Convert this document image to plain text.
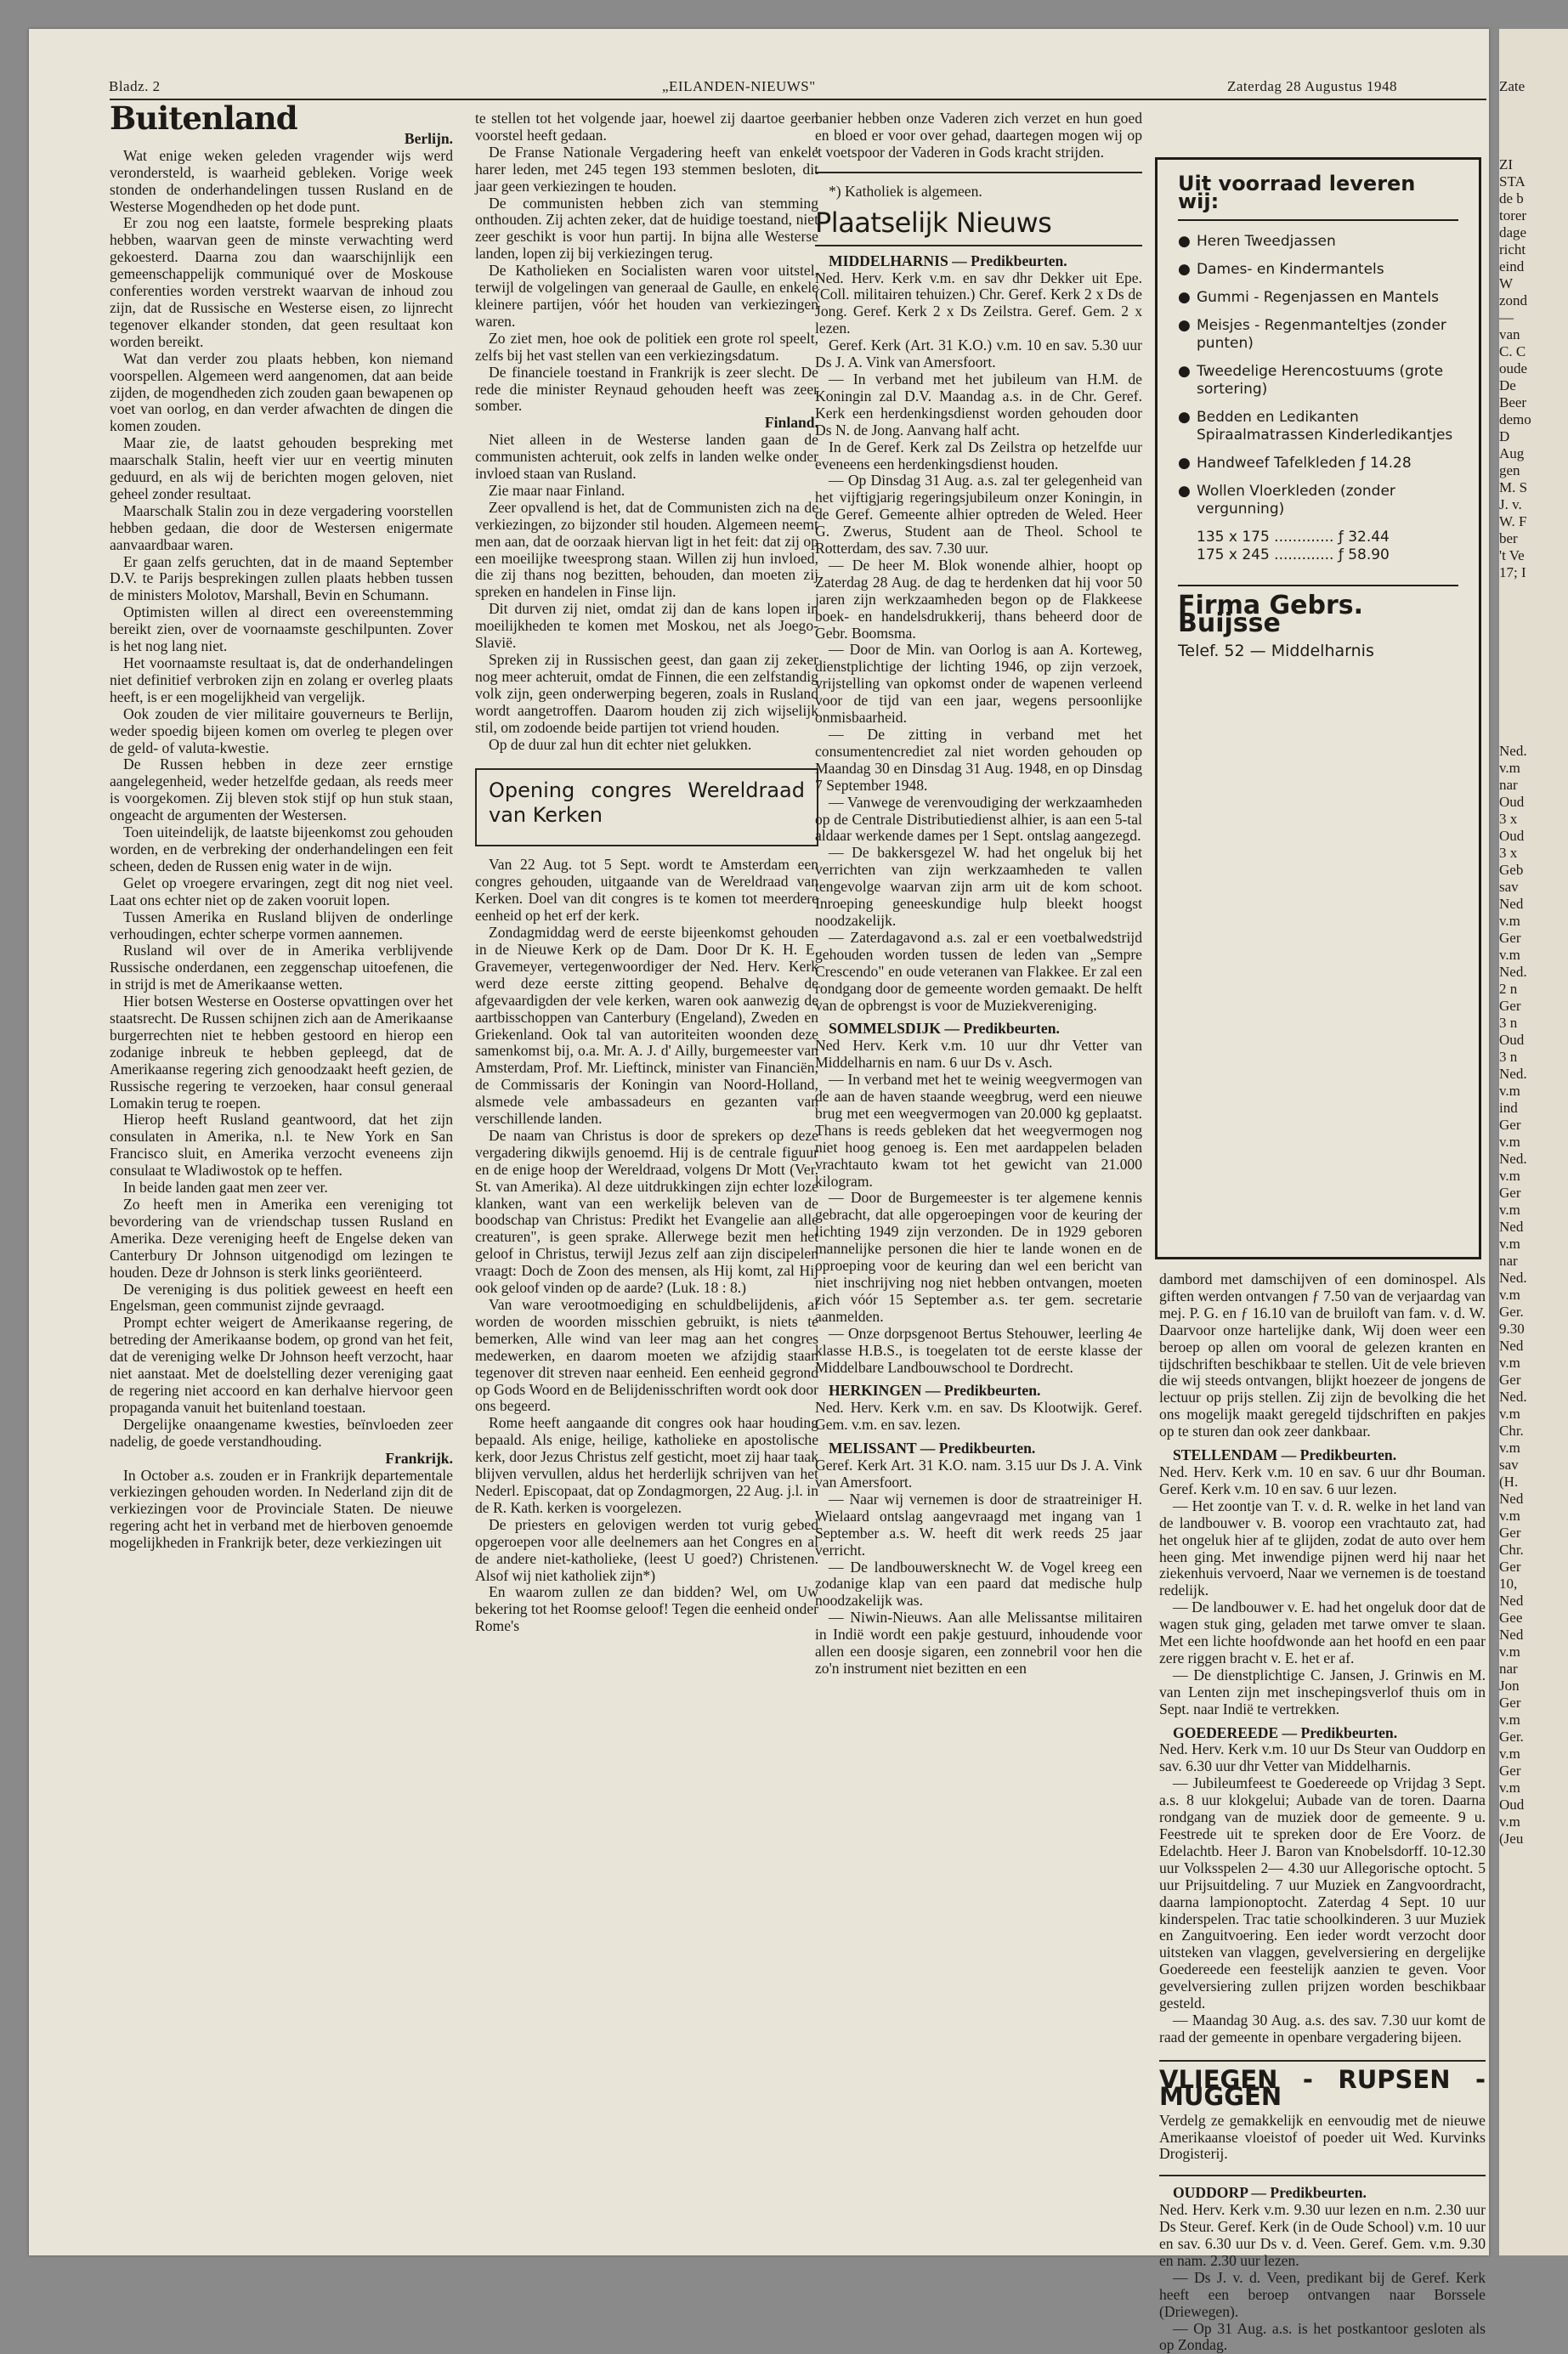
Bladz. 2	„EILANDEN-NIEUWS"	Zaterdag 28 Augustus 1948
Buitenland

Berlijn.

Wat enige weken geleden vragender wijs werd verondersteld, is waarheid gebleken. Vorige week stonden de onderhandelingen tussen Rusland en de Westerse Mogendheden op het dode punt.

Er zou nog een laatste, formele bespreking plaats hebben, waarvan geen de minste verwachting werd gekoesterd. Daarna zou dan waarschijnlijk een gemeenschappelijk communiqué over de Moskouse conferenties worden verstrekt waarvan de inhoud zou zijn, dat de Russische en Westerse eisen, zo lijnrecht tegenover elkander stonden, dat geen resultaat kon worden bereikt.

Wat dan verder zou plaats hebben, kon niemand voorspellen. Algemeen werd aangenomen, dat aan beide zijden, de mogendheden zich zouden gaan bewapenen op voet van oorlog, en dan verder afwachten de dingen die komen zouden.

Maar zie, de laatst gehouden bespreking met maarschalk Stalin, heeft vier uur en veertig minuten geduurd, en als wij de berichten mogen geloven, niet geheel zonder resultaat.

Maarschalk Stalin zou in deze vergadering voorstellen hebben gedaan, die door de Westersen enigermate aanvaardbaar waren.

Er gaan zelfs geruchten, dat in de maand September D.V. te Parijs besprekingen zullen plaats hebben tussen de ministers Molotov, Marshall, Bevin en Schumann.

Optimisten willen al direct een overeenstemming bereikt zien, over de voornaamste geschilpunten. Zover is het nog lang niet.

Het voornaamste resultaat is, dat de onderhandelingen niet definitief verbroken zijn en zolang er overleg plaats heeft, is er een mogelijkheid van vergelijk.

Ook zouden de vier militaire gouverneurs te Berlijn, weder spoedig bijeen komen om overleg te plegen over de geld- of valuta-kwestie.

De Russen hebben in deze zeer ernstige aangelegenheid, weder hetzelfde gedaan, als reeds meer is voorgekomen. Zij bleven stok stijf op hun stuk staan, ongeacht de argumenten der Westersen.

Toen uiteindelijk, de laatste bijeenkomst zou gehouden worden, en de verbreking der onderhandelingen een feit scheen, deden de Russen enig water in de wijn.

Gelet op vroegere ervaringen, zegt dit nog niet veel. Laat ons echter niet op de zaken vooruit lopen.

Tussen Amerika en Rusland blijven de onderlinge verhoudingen, echter scherpe vormen aannemen.

Rusland wil over de in Amerika verblijvende Russische onderdanen, een zeggenschap uitoefenen, die in strijd is met de Amerikaanse wetten.

Hier botsen Westerse en Oosterse opvattingen over het staatsrecht. De Russen schijnen zich aan de Amerikaanse burgerrechten niet te hebben gestoord en hierop een zodanige inbreuk te hebben gepleegd, dat de Amerikaanse regering zich genoodzaakt heeft gezien, de Russische regering te verzoeken, haar consul generaal Lomakin terug te roepen.

Hierop heeft Rusland geantwoord, dat het zijn consulaten in Amerika, n.l. te New York en San Francisco sluit, en Amerika verzocht eveneens zijn consulaat te Wladiwostok op te heffen.

In beide landen gaat men zeer ver.

Zo heeft men in Amerika een vereniging tot bevordering van de vriendschap tussen Rusland en Amerika. Deze vereniging heeft de Engelse deken van Canterbury Dr Johnson uitgenodigd om lezingen te houden. Deze dr Johnson is sterk links georiënteerd.

De vereniging is dus politiek geweest en heeft een Engelsman, geen communist zijnde gevraagd.

Prompt echter weigert de Amerikaanse regering, de betreding der Amerikaanse bodem, op grond van het feit, dat de vereniging welke Dr Johnson heeft verzocht, haar niet aanstaat. Met de doelstelling dezer vereniging gaat de regering niet accoord en kan derhalve hiervoor geen propaganda vanuit het buitenland toestaan.

Dergelijke onaangename kwesties, beïnvloeden zeer nadelig, de goede verstandhouding.

Frankrijk.

In October a.s. zouden er in Frankrijk departementale verkiezingen gehouden worden. In Nederland zijn dit de verkiezingen voor de Provinciale Staten. De nieuwe regering acht het in verband met de hierboven genoemde mogelijkheden in Frankrijk beter, deze verkiezingen uit

te stellen tot het volgende jaar, hoewel zij daartoe geen voorstel heeft gedaan.

De Franse Nationale Vergadering heeft van enkele harer leden, met 245 tegen 193 stemmen besloten, dit jaar geen verkiezingen te houden.

De communisten hebben zich van stemming onthouden. Zij achten zeker, dat de huidige toestand, niet zeer geschikt is voor hun partij. In bijna alle Westerse landen, lopen zij bij verkiezingen terug.

De Katholieken en Socialisten waren voor uitstel, terwijl de volgelingen van generaal de Gaulle, en enkele kleinere partijen, vóór het houden van verkiezingen waren.

Zo ziet men, hoe ook de politiek een grote rol speelt, zelfs bij het vast stellen van een verkiezingsdatum.

De financiele toestand in Frankrijk is zeer slecht. De rede die minister Reynaud gehouden heeft was zeer somber.

Finland.

Niet alleen in de Westerse landen gaan de communisten achteruit, ook zelfs in landen welke onder invloed staan van Rusland.

Zie maar naar Finland.

Zeer opvallend is het, dat de Communisten zich na de verkiezingen, zo bijzonder stil houden. Algemeen neemt men aan, dat de oorzaak hiervan ligt in het feit: dat zij op een moeilijke tweesprong staan. Willen zij hun invloed, die zij thans nog bezitten, behouden, dan moeten zij spreken en handelen in Finse lijn.

Dit durven zij niet, omdat zij dan de kans lopen in moeilijkheden te komen met Moskou, net als Joego-Slavië.

Spreken zij in Russischen geest, dan gaan zij zeker nog meer achteruit, omdat de Finnen, die een zelfstandig volk zijn, geen onderwerping begeren, zoals in Rusland wordt aangetroffen. Daarom houden zij zich wijselijk stil, om zodoende beide partijen tot vriend houden.

Op de duur zal hun dit echter niet gelukken.

Opening congres Wereldraad van Kerken

Van 22 Aug. tot 5 Sept. wordt te Amsterdam een congres gehouden, uitgaande van de Wereldraad van Kerken. Doel van dit congres is te komen tot meerdere eenheid op het erf der kerk.

Zondagmiddag werd de eerste bijeenkomst gehouden in de Nieuwe Kerk op de Dam. Door Dr K. H. E. Gravemeyer, vertegenwoordiger der Ned. Herv. Kerk werd deze eerste zitting geopend. Behalve de afgevaardigden der vele kerken, waren ook aanwezig de aartbisschoppen van Canterbury (Engeland), Zweden en Griekenland. Ook tal van autoriteiten woonden deze samenkomst bij, o.a. Mr. A. J. d' Ailly, burgemeester van Amsterdam, Prof. Mr. Lieftinck, minister van Financiën, de Commissaris der Koningin van Noord-Holland, alsmede vele ambassadeurs en gezanten van verschillende landen.

De naam van Christus is door de sprekers op deze vergadering dikwijls genoemd. Hij is de centrale figuur en de enige hoop der Wereldraad, volgens Dr Mott (Ver. St. van Amerika). Al deze uitdrukkingen zijn echter loze klanken, want van een werkelijk beleven van de boodschap van Christus: Predikt het Evangelie aan alle creaturen", is geen sprake. Allerwege bezit men het geloof in Christus, terwijl Jezus zelf aan zijn discipelen vraagt: Doch de Zoon des mensen, als Hij komt, zal Hij ook geloof vinden op de aarde? (Luk. 18 : 8.)

Van ware verootmoediging en schuldbelijdenis, al worden de woorden misschien gebruikt, is niets te bemerken, Alle wind van leer mag aan het congres medewerken, en daarom moeten we afzijdig staan tegenover dit streven naar eenheid. Een eenheid gegrond op Gods Woord en de Belijdenisschriften wordt ook door ons begeerd.

Rome heeft aangaande dit congres ook haar houding bepaald. Als enige, heilige, katholieke en apostolische kerk, door Jezus Christus zelf gesticht, moet zij haar taak blijven vervullen, aldus het herderlijk schrijven van het Nederl. Episcopaat, dat op Zondagmorgen, 22 Aug. j.l. in de R. Kath. kerken is voorgelezen.

De priesters en gelovigen werden tot vurig gebed opgeroepen voor alle deelnemers aan het Congres en al de andere niet-katholieke, (leest U goed?) Christenen. Alsof wij niet katholiek zijn*)

En waarom zullen ze dan bidden? Wel, om Uw bekering tot het Roomse geloof! Tegen die eenheid onder Rome's

banier hebben onze Vaderen zich verzet en hun goed en bloed er voor over gehad, daartegen mogen wij op 't voetspoor der Vaderen in Gods kracht strijden.

*) Katholiek is algemeen.

Plaatselijk Nieuws

MIDDELHARNIS — Predikbeurten.

Ned. Herv. Kerk v.m. en sav dhr Dekker uit Epe. (Coll. militairen tehuizen.) Chr. Geref. Kerk 2 x Ds de Jong. Geref. Kerk 2 x Ds Zeilstra. Geref. Gem. 2 x lezen.

Geref. Kerk (Art. 31 K.O.) v.m. 10 en sav. 5.30 uur Ds J. A. Vink van Amersfoort.

— In verband met het jubileum van H.M. de Koningin zal D.V. Maandag a.s. in de Chr. Geref. Kerk een herdenkingsdienst worden gehouden door Ds N. de Jong. Aanvang half acht.

In de Geref. Kerk zal Ds Zeilstra op hetzelfde uur eveneens een herdenkingsdienst houden.

— Op Dinsdag 31 Aug. a.s. zal ter gelegenheid van het vijftigjarig regeringsjubileum onzer Koningin, in de Geref. Gemeente alhier optreden de Weled. Heer G. Zwerus, Student aan de Theol. School te Rotterdam, des sav. 7.30 uur.

— De heer M. Blok wonende alhier, hoopt op Zaterdag 28 Aug. de dag te herdenken dat hij voor 50 jaren zijn werkzaamheden begon op de Flakkeese boek- en handelsdrukkerij, thans beheerd door de Gebr. Boomsma.

— Door de Min. van Oorlog is aan A. Korteweg, dienstplichtige der lichting 1946, op zijn verzoek, vrijstelling van opkomst onder de wapenen verleend voor de tijd van een jaar, wegens persoonlijke onmisbaarheid.

— De zitting in verband met het consumentencrediet zal niet worden gehouden op Maandag 30 en Dinsdag 31 Aug. 1948, en op Dinsdag 7 September 1948.

— Vanwege de verenvoudiging der werkzaamheden op de Centrale Distributiedienst alhier, is aan een 5-tal aldaar werkende dames per 1 Sept. ontslag aangezegd.

— De bakkersgezel W. had het ongeluk bij het verrichten van zijn werkzaamheden te vallen tengevolge waarvan zijn arm uit de kom schoot. Inroeping geneeskundige hulp bleekt hoogst noodzakelijk.

— Zaterdagavond a.s. zal er een voetbalwedstrijd gehouden worden tussen de leden van „Sempre Crescendo" en oude veteranen van Flakkee. Er zal een rondgang door de gemeente worden gemaakt. De helft van de opbrengst is voor de Muziekvereniging.

SOMMELSDIJK — Predikbeurten.

Ned Herv. Kerk v.m. 10 uur dhr Vetter van Middelharnis en nam. 6 uur Ds v. Asch.

— In verband met het te weinig weegvermogen van de aan de haven staande weegbrug, werd een nieuwe brug met een weegvermogen van 20.000 kg geplaatst. Thans is reeds gebleken dat het weegvermogen nog niet hoog genoeg is. Een met aardappelen beladen vrachtauto kwam tot het gewicht van 21.000 kilogram.

— Door de Burgemeester is ter algemene kennis gebracht, dat alle opgeroepingen voor de keuring der lichting 1949 zijn verzonden. De in 1929 geboren mannelijke personen die hier te lande wonen en de oproeping voor de keuring dan wel een bericht van niet inschrijving nog niet hebben ontvangen, moeten zich vóór 15 September a.s. ter gem. secretarie aanmelden.

— Onze dorpsgenoot Bertus Stehouwer, leerling 4e klasse H.B.S., is toegelaten tot de eerste klasse der Middelbare Landbouwschool te Dordrecht.

HERKINGEN — Predikbeurten.

Ned. Herv. Kerk v.m. en sav. Ds Klootwijk. Geref. Gem. v.m. en sav. lezen.

MELISSANT — Predikbeurten.

Geref. Kerk Art. 31 K.O. nam. 3.15 uur Ds J. A. Vink van Amersfoort.

— Naar wij vernemen is door de straatreiniger H. Wielaard ontslag aangevraagd met ingang van 1 September a.s. W. heeft dit werk reeds 25 jaar verricht.

— De landbouwersknecht W. de Vogel kreeg een zodanige klap van een paard dat medische hulp noodzakelijk was.

— Niwin-Nieuws. Aan alle Melissantse militairen in Indië wordt een pakje gestuurd, inhoudende voor allen een doosje sigaren, een zonnebril voor hen die zo'n instrument niet bezitten en een

Uit voorraad leveren wij:
● Heren Tweedjassen
● Dames- en Kindermantels
● Gummi - Regenjassen en Mantels
● Meisjes - Regenmanteltjes (zonder punten)
● Tweedelige Herencostuums (grote sortering)
● Bedden en Ledikanten Spiraalmatrassen Kinderledikantjes
● Handweef Tafelkleden ƒ 14.28
● Wollen Vloerkleden (zonder vergunning)
135 x 175 ............. ƒ 32.44
175 x 245 ............. ƒ 58.90
Firma Gebrs. Buijsse
Telef. 52 — Middelharnis

dambord met damschijven of een dominospel. Als giften werden ontvangen ƒ 7.50 van de verjaardag van mej. P. G. en ƒ 16.10 van de bruiloft van fam. v. d. W. Daarvoor onze hartelijke dank, Wij doen weer een beroep op allen om vooral de gelezen kranten en tijdschriften beschikbaar te stellen. Uit de vele brieven die wij steeds ontvangen, blijkt hoezeer de jongens de lectuur op prijs stellen. Zij zijn de bevolking die het ons mogelijk maakt geregeld tijdschriften en pakjes op te sturen dan ook zeer dankbaar.

STELLENDAM — Predikbeurten.

Ned. Herv. Kerk v.m. 10 en sav. 6 uur dhr Bouman. Geref. Kerk v.m. 10 en sav. 6 uur lezen.

— Het zoontje van T. v. d. R. welke in het land van de landbouwer v. B. voorop een vrachtauto zat, had het ongeluk hier af te glijden, zodat de auto over hem heen ging. Met inwendige pijnen werd hij naar het ziekenhuis vervoerd, Naar we vernemen is de toestand redelijk.

— De landbouwer v. E. had het ongeluk door dat de wagen stuk ging, geladen met tarwe omver te slaan. Met een lichte hoofdwonde aan het hoofd en een paar zere riggen bracht v. E. het er af.

— De dienstplichtige C. Jansen, J. Grinwis en M. van Lenten zijn met inschepingsverlof thuis om in Sept. naar Indië te vertrekken.

GOEDEREEDE — Predikbeurten.

Ned. Herv. Kerk v.m. 10 uur Ds Steur van Ouddorp en sav. 6.30 uur dhr Vetter van Middelharnis.

— Jubileumfeest te Goedereede op Vrijdag 3 Sept. a.s. 8 uur klokgelui; Aubade van de toren. Daarna rondgang van de muziek door de gemeente. 9 u. Feestrede uit te spreken door de Ere Voorz. de Edelachtb. Heer J. Baron van Knobelsdorff. 10-12.30 uur Volksspelen 2— 4.30 uur Allegorische optocht. 5 uur Prijsuitdeling. 7 uur Muziek en Zangvoordracht, daarna lampionoptocht. Zaterdag 4 Sept. 10 uur kinderspelen. Trac tatie schoolkinderen. 3 uur Muziek en Zanguitvoering. Een ieder wordt verzocht door uitsteken van vlaggen, gevelversiering en dergelijke Goedereede een feestelijk aanzien te geven. Voor gevelversiering zullen prijzen worden beschikbaar gesteld.

— Maandag 30 Aug. a.s. des sav. 7.30 uur komt de raad der gemeente in openbare vergadering bijeen.

VLIEGEN - RUPSEN - MUGGEN

Verdelg ze gemakkelijk en eenvoudig met de nieuwe Amerikaanse vloeistof of poeder uit Wed. Kurvinks Drogisterij.

OUDDORP — Predikbeurten.

Ned. Herv. Kerk v.m. 9.30 uur lezen en n.m. 2.30 uur Ds Steur. Geref. Kerk (in de Oude School) v.m. 10 uur en sav. 6.30 uur Ds v. d. Veen. Geref. Gem. v.m. 9.30 en nam. 2.30 uur lezen.

— Ds J. v. d. Veen, predikant bij de Geref. Kerk heeft een beroep ontvangen naar Borssele (Driewegen).

— Op 31 Aug. a.s. is het postkantoor gesloten als op Zondag.

Zate
ZI
STA
de b
torer
dage
richt
eind
W
zond
—
van
C. C
oude
De
Beer
demo
D
Aug
gen
M. S
J. v.
W. F
ber
't Ve
17; I
Ned.
v.m
nar
Oud
3 x
Oud
3 x
Geb
sav
Ned
v.m
Ger
v.m
Ned.
2 n
Ger
3 n
Oud
3 n
Ned.
v.m
ind
Ger
v.m
Ned.
v.m
Ger
v.m
Ned
v.m
nar
Ned.
v.m
Ger.
9.30
Ned
v.m
Ger
Ned.
v.m
Chr.
v.m
sav
(H.
Ned
v.m
Ger
Chr.
Ger
10,
Ned
Gee
Ned
v.m
nar
Jon
Ger
v.m
Ger.
v.m
Ger
v.m
Oud
v.m
(Jeu
